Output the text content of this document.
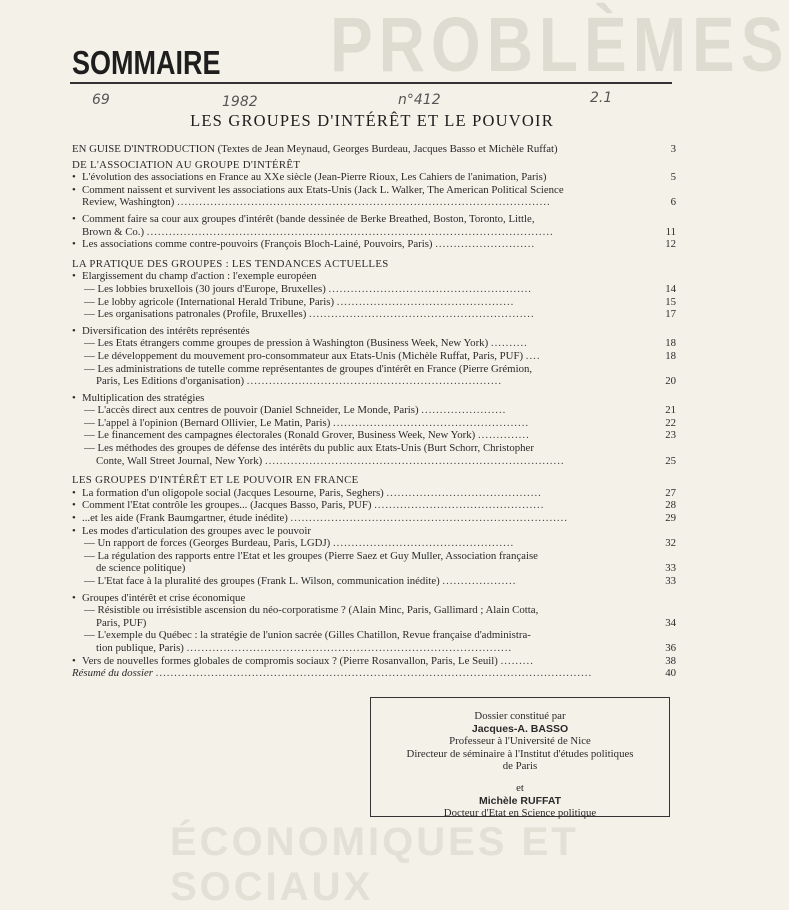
PROBLÈMES
ÉCONOMIQUES ET SOCIAUX
SOMMAIRE
69	1982	n°412	2.1
LES GROUPES D'INTÉRÊT ET LE POUVOIR
EN GUISE D'INTRODUCTION (Textes de Jean Meynaud, Georges Burdeau, Jacques Basso et Michèle Ruffat)	3
DE L'ASSOCIATION AU GROUPE D'INTÉRÊT
• L'évolution des associations en France au XXe siècle (Jean-Pierre Rioux, Les Cahiers de l'animation, Paris)	5
• Comment naissent et survivent les associations aux Etats-Unis (Jack L. Walker, The American Political Science
Review, Washington) .....................................................................................................	6
• Comment faire sa cour aux groupes d'intérêt (bande dessinée de Berke Breathed, Boston, Toronto, Little,
Brown & Co.) ..............................................................................................................	11
• Les associations comme contre-pouvoirs (François Bloch-Lainé, Pouvoirs, Paris) ...........................	12
LA PRATIQUE DES GROUPES : LES TENDANCES ACTUELLES
• Elargissement du champ d'action : l'exemple européen
— Les lobbies bruxellois (30 jours d'Europe, Bruxelles) .......................................................	14
— Le lobby agricole (International Herald Tribune, Paris) ................................................	15
— Les organisations patronales (Profile, Bruxelles) .............................................................	17
• Diversification des intérêts représentés
— Les Etats étrangers comme groupes de pression à Washington (Business Week, New York) ..........	18
— Le développement du mouvement pro-consommateur aux Etats-Unis (Michèle Ruffat, Paris, PUF) ....	18
— Les administrations de tutelle comme représentantes de groupes d'intérêt en France (Pierre Grémion,
Paris, Les Editions d'organisation) .....................................................................	20
• Multiplication des stratégies
— L'accès direct aux centres de pouvoir (Daniel Schneider, Le Monde, Paris) .......................	21
— L'appel à l'opinion (Bernard Ollivier, Le Matin, Paris) .....................................................	22
— Le financement des campagnes électorales (Ronald Grover, Business Week, New York) ..............	23
— Les méthodes des groupes de défense des intérêts du public aux Etats-Unis (Burt Schorr, Christopher
Conte, Wall Street Journal, New York) .................................................................................	25
LES GROUPES D'INTÉRÊT ET LE POUVOIR EN FRANCE
• La formation d'un oligopole social (Jacques Lesourne, Paris, Seghers) ..........................................	27
• Comment l'Etat contrôle les groupes... (Jacques Basso, Paris, PUF) ..............................................	28
• ...et les aide (Frank Baumgartner, étude inédite) ...........................................................................	29
• Les modes d'articulation des groupes avec le pouvoir
— Un rapport de forces (Georges Burdeau, Paris, LGDJ) .................................................	32
— La régulation des rapports entre l'Etat et les groupes (Pierre Saez et Guy Muller, Association française
de science politique)	33
— L'Etat face à la pluralité des groupes (Frank L. Wilson, communication inédite) ....................	33
• Groupes d'intérêt et crise économique
— Résistible ou irrésistible ascension du néo-corporatisme ? (Alain Minc, Paris, Gallimard ; Alain Cotta,
Paris, PUF)	34
— L'exemple du Québec : la stratégie de l'union sacrée (Gilles Chatillon, Revue française d'administra-
tion publique, Paris) ........................................................................................	36
• Vers de nouvelles formes globales de compromis sociaux ? (Pierre Rosanvallon, Paris, Le Seuil) .........	38
Résumé du dossier ......................................................................................................................	40
Dossier constitué par
Jacques-A. BASSO
Professeur à l'Université de Nice
Directeur de séminaire à l'Institut d'études politiques
de Paris
et
Michèle RUFFAT
Docteur d'Etat en Science politique
